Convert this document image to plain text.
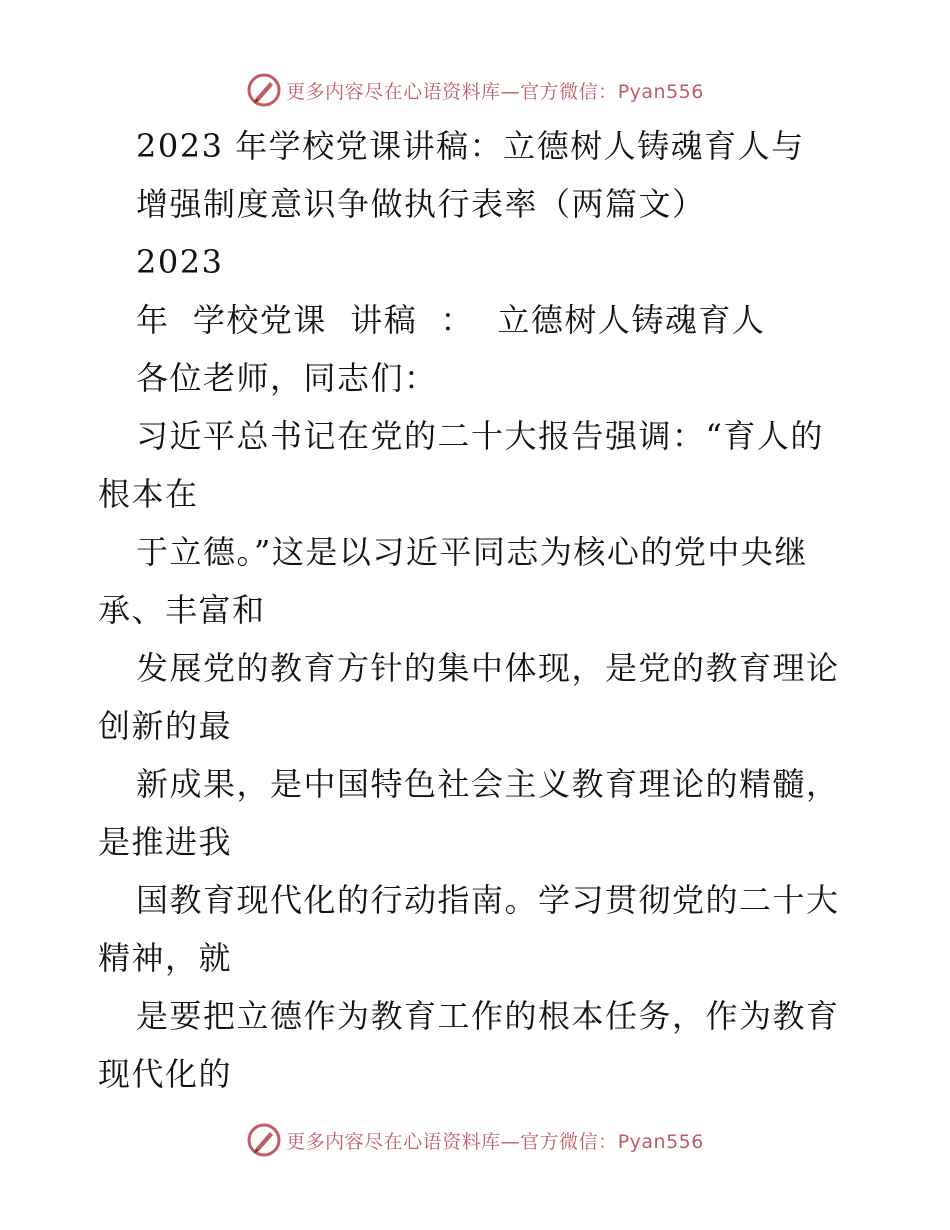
更多内容尽在心语资料库—官方微信：Pyan556
2023 年学校党课讲稿：立德树人铸魂育人与
增强制度意识争做执行表率（两篇文）
2023
年  学校党课  讲稿  ：  立德树人铸魂育人
各位老师，同志们：
习近平总书记在党的二十大报告强调：“育人的
根本在
于立德。”这是以习近平同志为核心的党中央继
承、丰富和
发展党的教育方针的集中体现，是党的教育理论
创新的最
新成果，是中国特色社会主义教育理论的精髓，
是推进我
国教育现代化的行动指南。学习贯彻党的二十大
精神，就
是要把立德作为教育工作的根本任务，作为教育
现代化的
更多内容尽在心语资料库—官方微信：Pyan556
